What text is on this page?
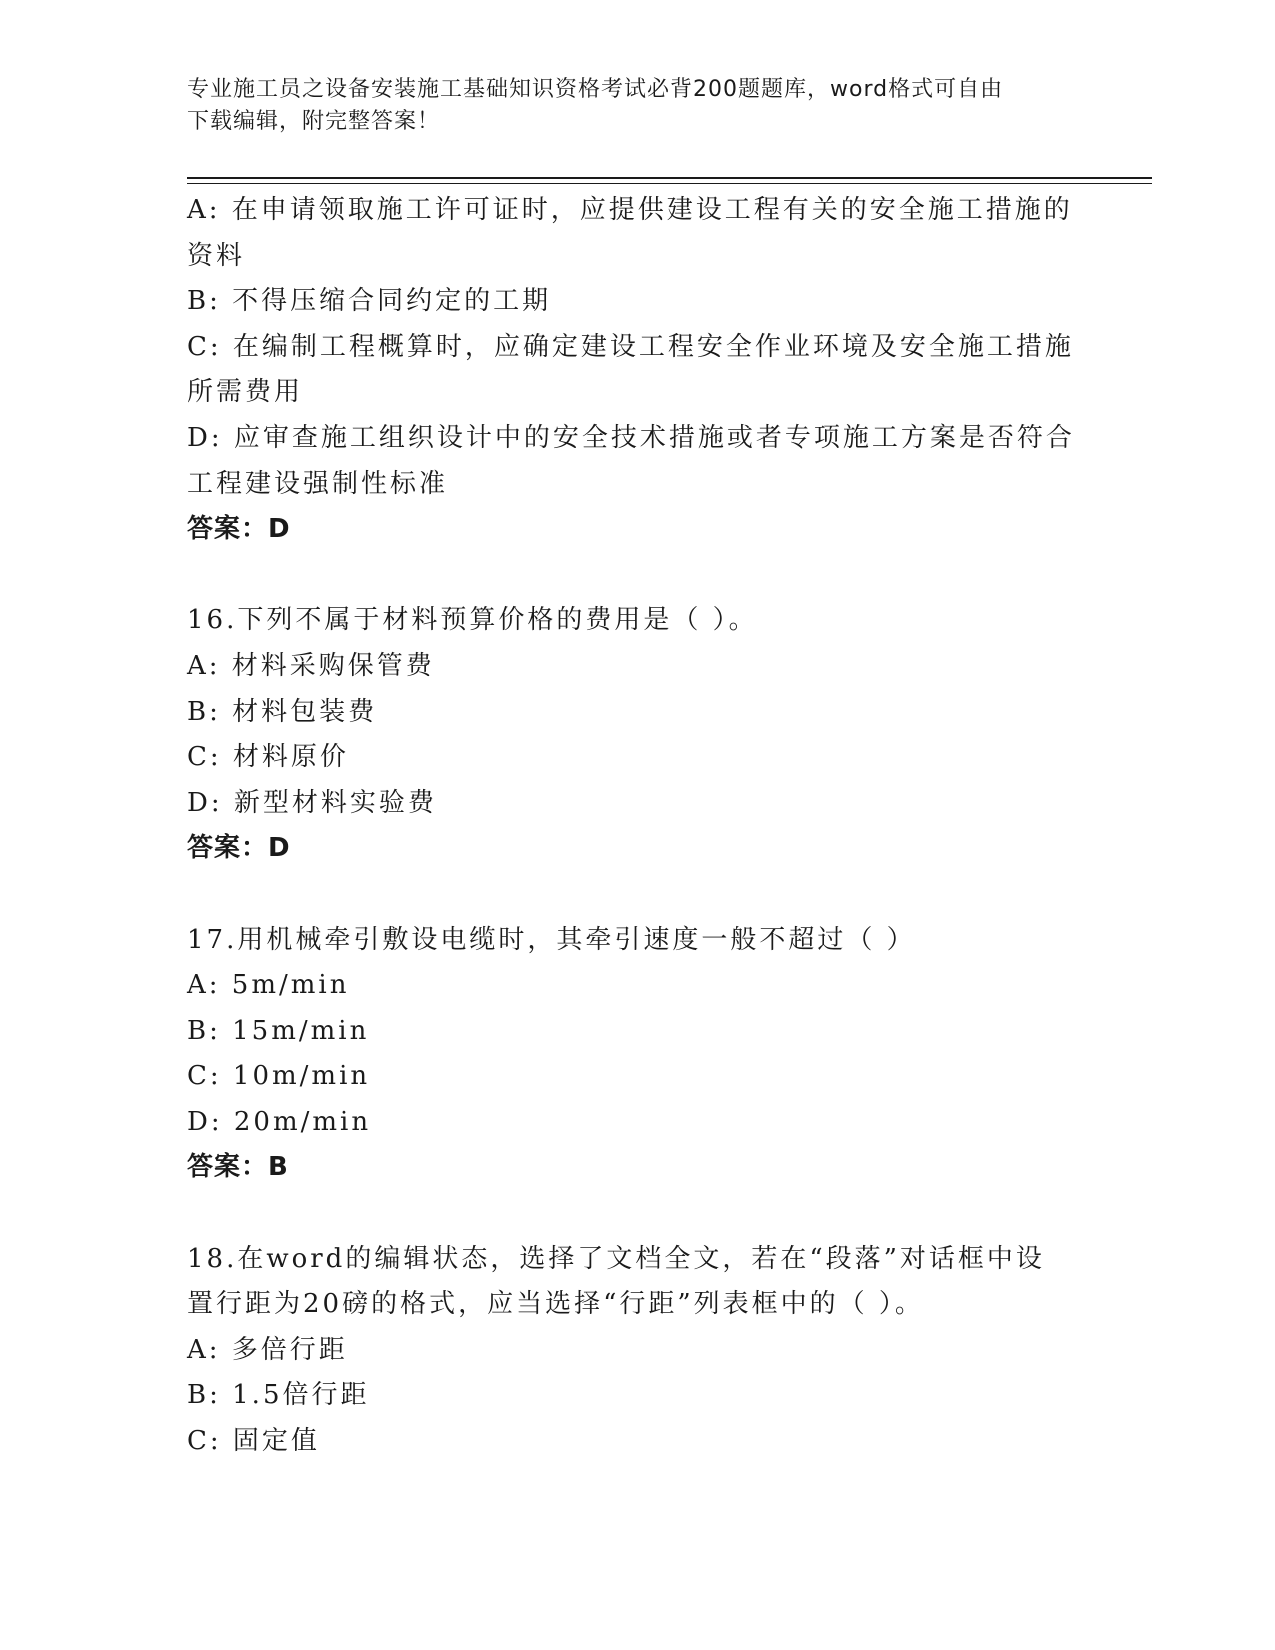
专业施工员之设备安装施工基础知识资格考试必背200题题库，word格式可自由
下载编辑，附完整答案！
A: 在申请领取施工许可证时，应提供建设工程有关的安全施工措施的
资料
B: 不得压缩合同约定的工期
C: 在编制工程概算时，应确定建设工程安全作业环境及安全施工措施
所需费用
D: 应审查施工组织设计中的安全技术措施或者专项施工方案是否符合
工程建设强制性标准
答案：D
16.下列不属于材料预算价格的费用是（ ）。
A: 材料采购保管费
B: 材料包装费
C: 材料原价
D: 新型材料实验费
答案：D
17.用机械牵引敷设电缆时，其牵引速度一般不超过（ ）
A: 5m/min
B: 15m/min
C: 10m/min
D: 20m/min
答案：B
18.在word的编辑状态，选择了文档全文，若在“段落”对话框中设
置行距为20磅的格式，应当选择“行距”列表框中的（ ）。
A: 多倍行距
B: 1.5倍行距
C: 固定值
